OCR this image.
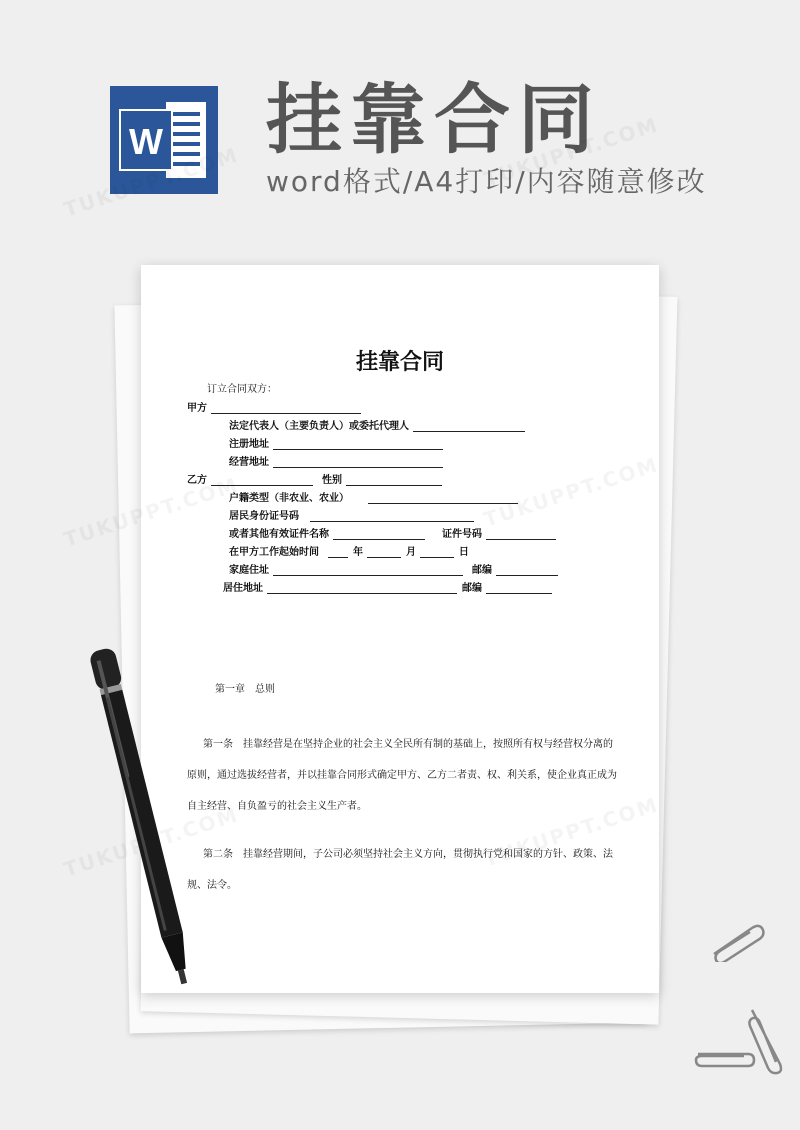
W 挂靠合同
word格式/A4打印/内容随意修改
挂靠合同
订立合同双方：
甲方
法定代表人（主要负责人）或委托代理人
注册地址
经营地址
乙方	性别
户籍类型（非农业、农业）
居民身份证号码
或者其他有效证件名称	证件号码
在甲方工作起始时间	年	月	日
家庭住址	邮编
居住地址	邮编
第一章　总则
第一条　挂靠经营是在坚持企业的社会主义全民所有制的基础上，按照所有权与经营权分离的原则，通过选拔经营者，并以挂靠合同形式确定甲方、乙方二者责、权、利关系，使企业真正成为自主经营、自负盈亏的社会主义生产者。
第二条　挂靠经营期间，子公司必须坚持社会主义方向，贯彻执行党和国家的方针、政策、法规、法令。
